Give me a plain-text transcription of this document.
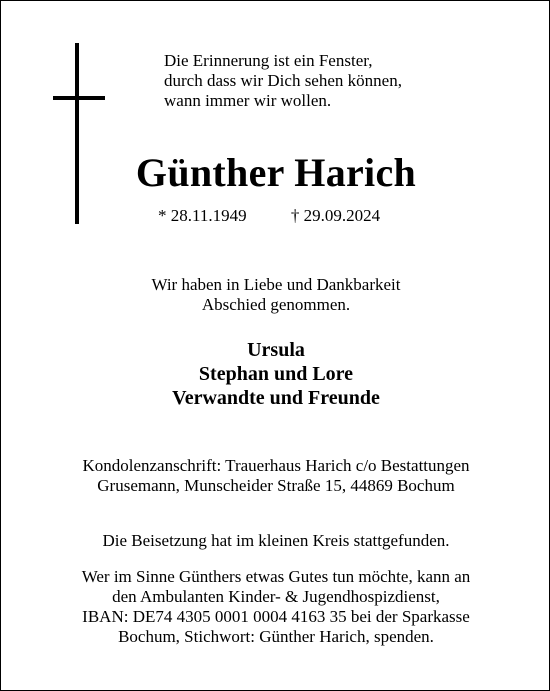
Die Erinnerung ist ein Fenster,
durch dass wir Dich sehen können,
wann immer wir wollen.
Günther Harich
* 28.11.1949	† 29.09.2024
Wir haben in Liebe und Dankbarkeit
Abschied genommen.
Ursula
Stephan und Lore
Verwandte und Freunde
Kondolenzanschrift: Trauerhaus Harich c/o Bestattungen
Grusemann, Munscheider Straße 15, 44869 Bochum
Die Beisetzung hat im kleinen Kreis stattgefunden.
Wer im Sinne Günthers etwas Gutes tun möchte, kann an
den Ambulanten Kinder- & Jugendhospizdienst,
IBAN: DE74 4305 0001 0004 4163 35 bei der Sparkasse
Bochum, Stichwort: Günther Harich, spenden.
